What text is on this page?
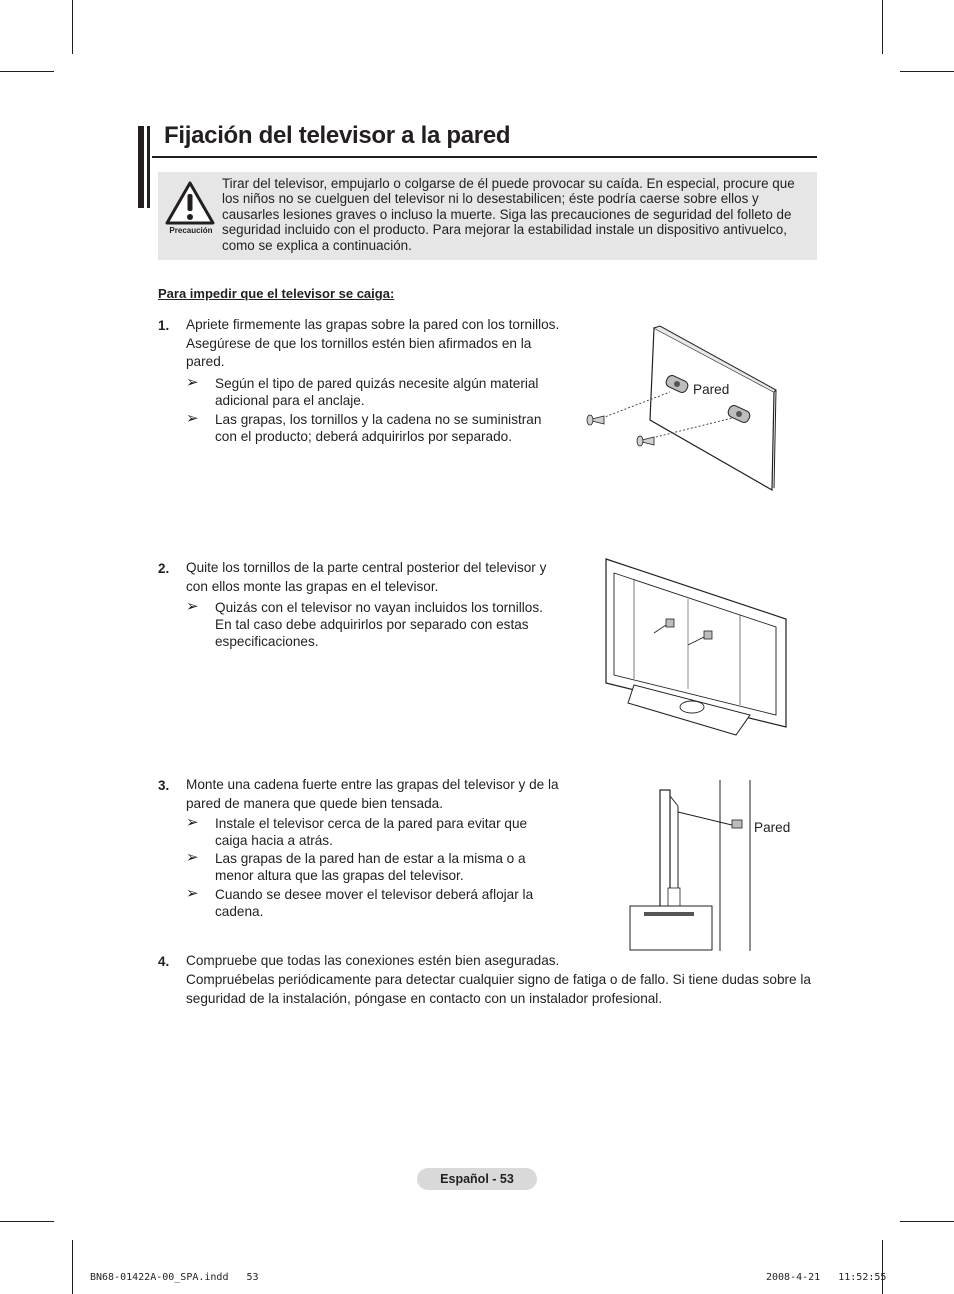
Fijación del televisor a la pared
Precaución
Tirar del televisor, empujarlo o colgarse de él puede provocar su caída. En especial, procure que los niños no se cuelguen del televisor ni lo desestabilicen; éste podría caerse sobre ellos y causarles lesiones graves o incluso la muerte. Siga las precauciones de seguridad del folleto de seguridad incluido con el producto. Para mejorar la estabilidad instale un dispositivo antivuelco, como se explica a continuación.
Para impedir que el televisor se caiga:
1. Apriete firmemente las grapas sobre la pared con los tornillos. Asegúrese de que los tornillos estén bien afirmados en la pared.
➢ Según el tipo de pared quizás necesite algún material adicional para el anclaje.
➢ Las grapas, los tornillos y la cadena no se suministran con el producto; deberá adquirirlos por separado.
Pared
2. Quite los tornillos de la parte central posterior del televisor y con ellos monte las grapas en el televisor.
➢ Quizás con el televisor no vayan incluidos los tornillos. En tal caso debe adquirirlos por separado con estas especificaciones.
3. Monte una cadena fuerte entre las grapas del televisor y de la pared de manera que quede bien tensada.
➢ Instale el televisor cerca de la pared para evitar que caiga hacia a atrás.
➢ Las grapas de la pared han de estar a la misma o a menor altura que las grapas del televisor.
➢ Cuando se desee mover el televisor deberá aflojar la cadena.
Pared
4. Compruebe que todas las conexiones estén bien aseguradas.
Compruébelas periódicamente para detectar cualquier signo de fatiga o de fallo. Si tiene dudas sobre la seguridad de la instalación, póngase en contacto con un instalador profesional.
Español - 53
BN68-01422A-00_SPA.indd   53	2008-4-21   11:52:55
